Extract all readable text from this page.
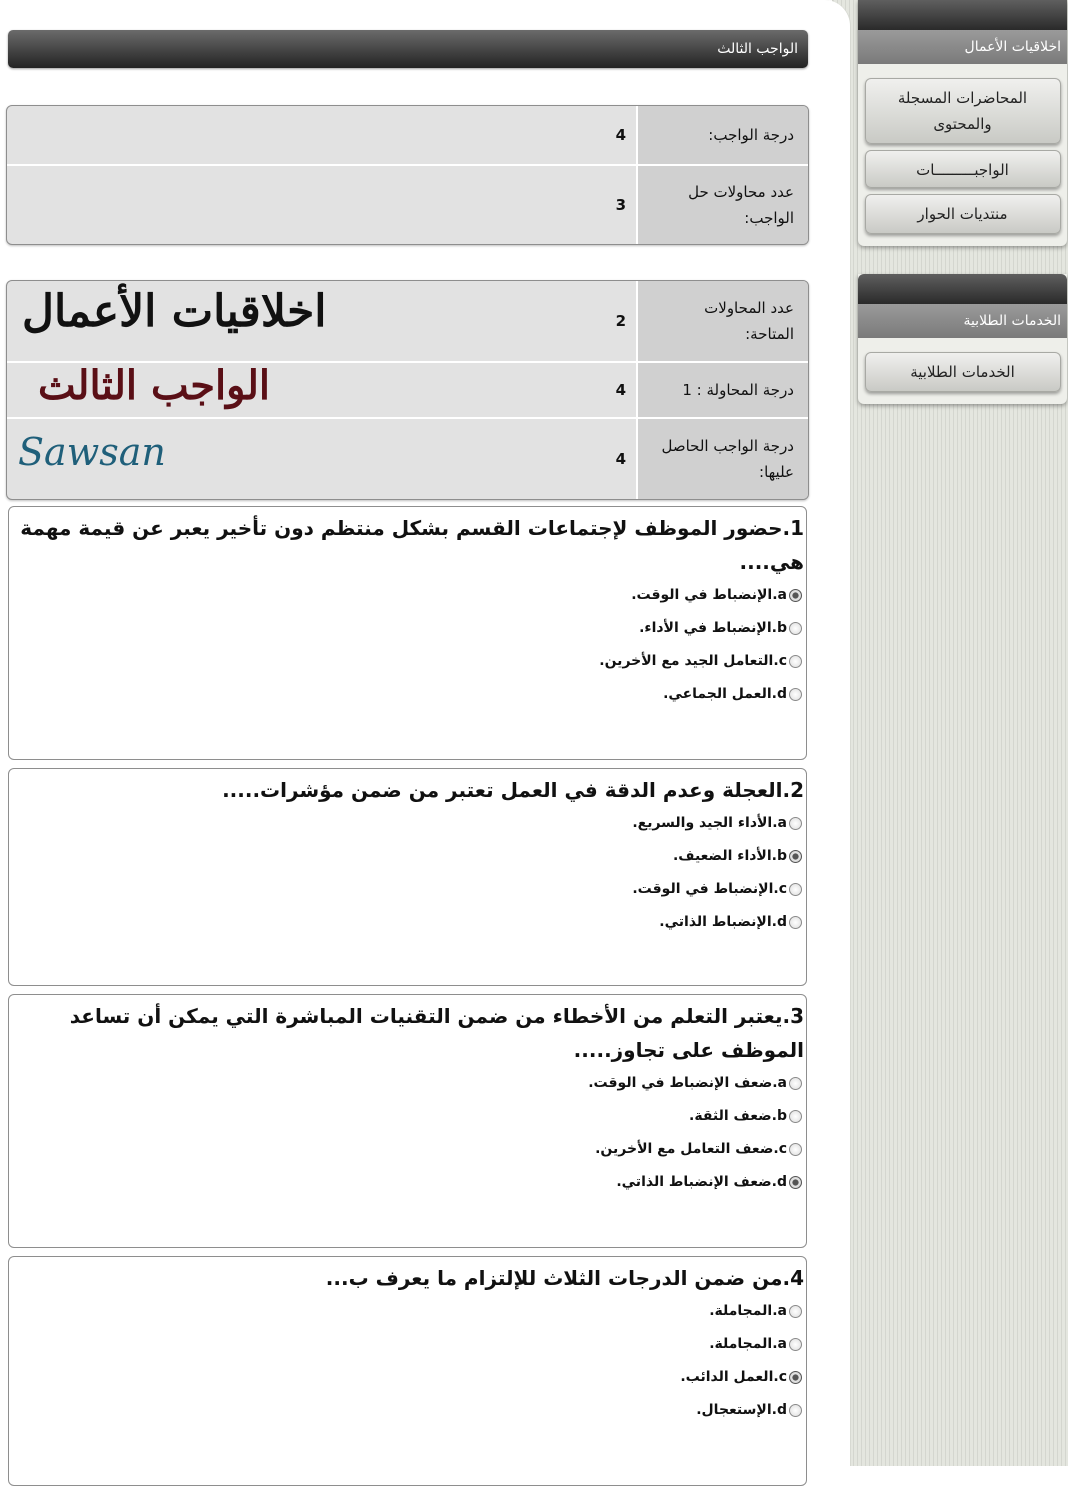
اخلاقيات الأعمال
المحاضرات المسجلة والمحتوى
الواجبـــــــــات
منتديات الحوار
الخدمات الطلابية
الخدمات الطلابية
الواجب الثالث
درجة الواجب:
4
عدد محاولات حل الواجب:
3
عدد المحاولات المتاحة:
2
درجة المحاولة : 1
4
درجة الواجب الحاصل عليها:
4
اخلاقيات الأعمال
الواجب الثالث
Sawsan
1.حضور الموظف لإجتماعات القسم بشكل منتظم دون تأخير يعبر عن قيمة مهمة هي....
a.الإنضباط في الوقت.
b.الإنضباط في الأداء.
c.التعامل الجيد مع الأخرين.
d.العمل الجماعي.
2.العجلة وعدم الدقة في العمل تعتبر من ضمن مؤشرات.....
a.الأداء الجيد والسريع.
b.الأداء الضعيف.
c.الإنضباط في الوقت.
d.الإنضباط الذاتي.
3.يعتبر التعلم من الأخطاء من ضمن التقنيات المباشرة التي يمكن أن تساعد الموظف على تجاوز.....
a.ضعف الإنضباط في الوقت.
b.ضعف الثقة.
c.ضعف التعامل مع الأخرين.
d.ضعف الإنضباط الذاتي.
4.من ضمن الدرجات الثلاث للإلتزام ما يعرف ب...
a.المجاملة.
a.المجاملة.
c.العمل الدائب.
d.الإستعجال.
